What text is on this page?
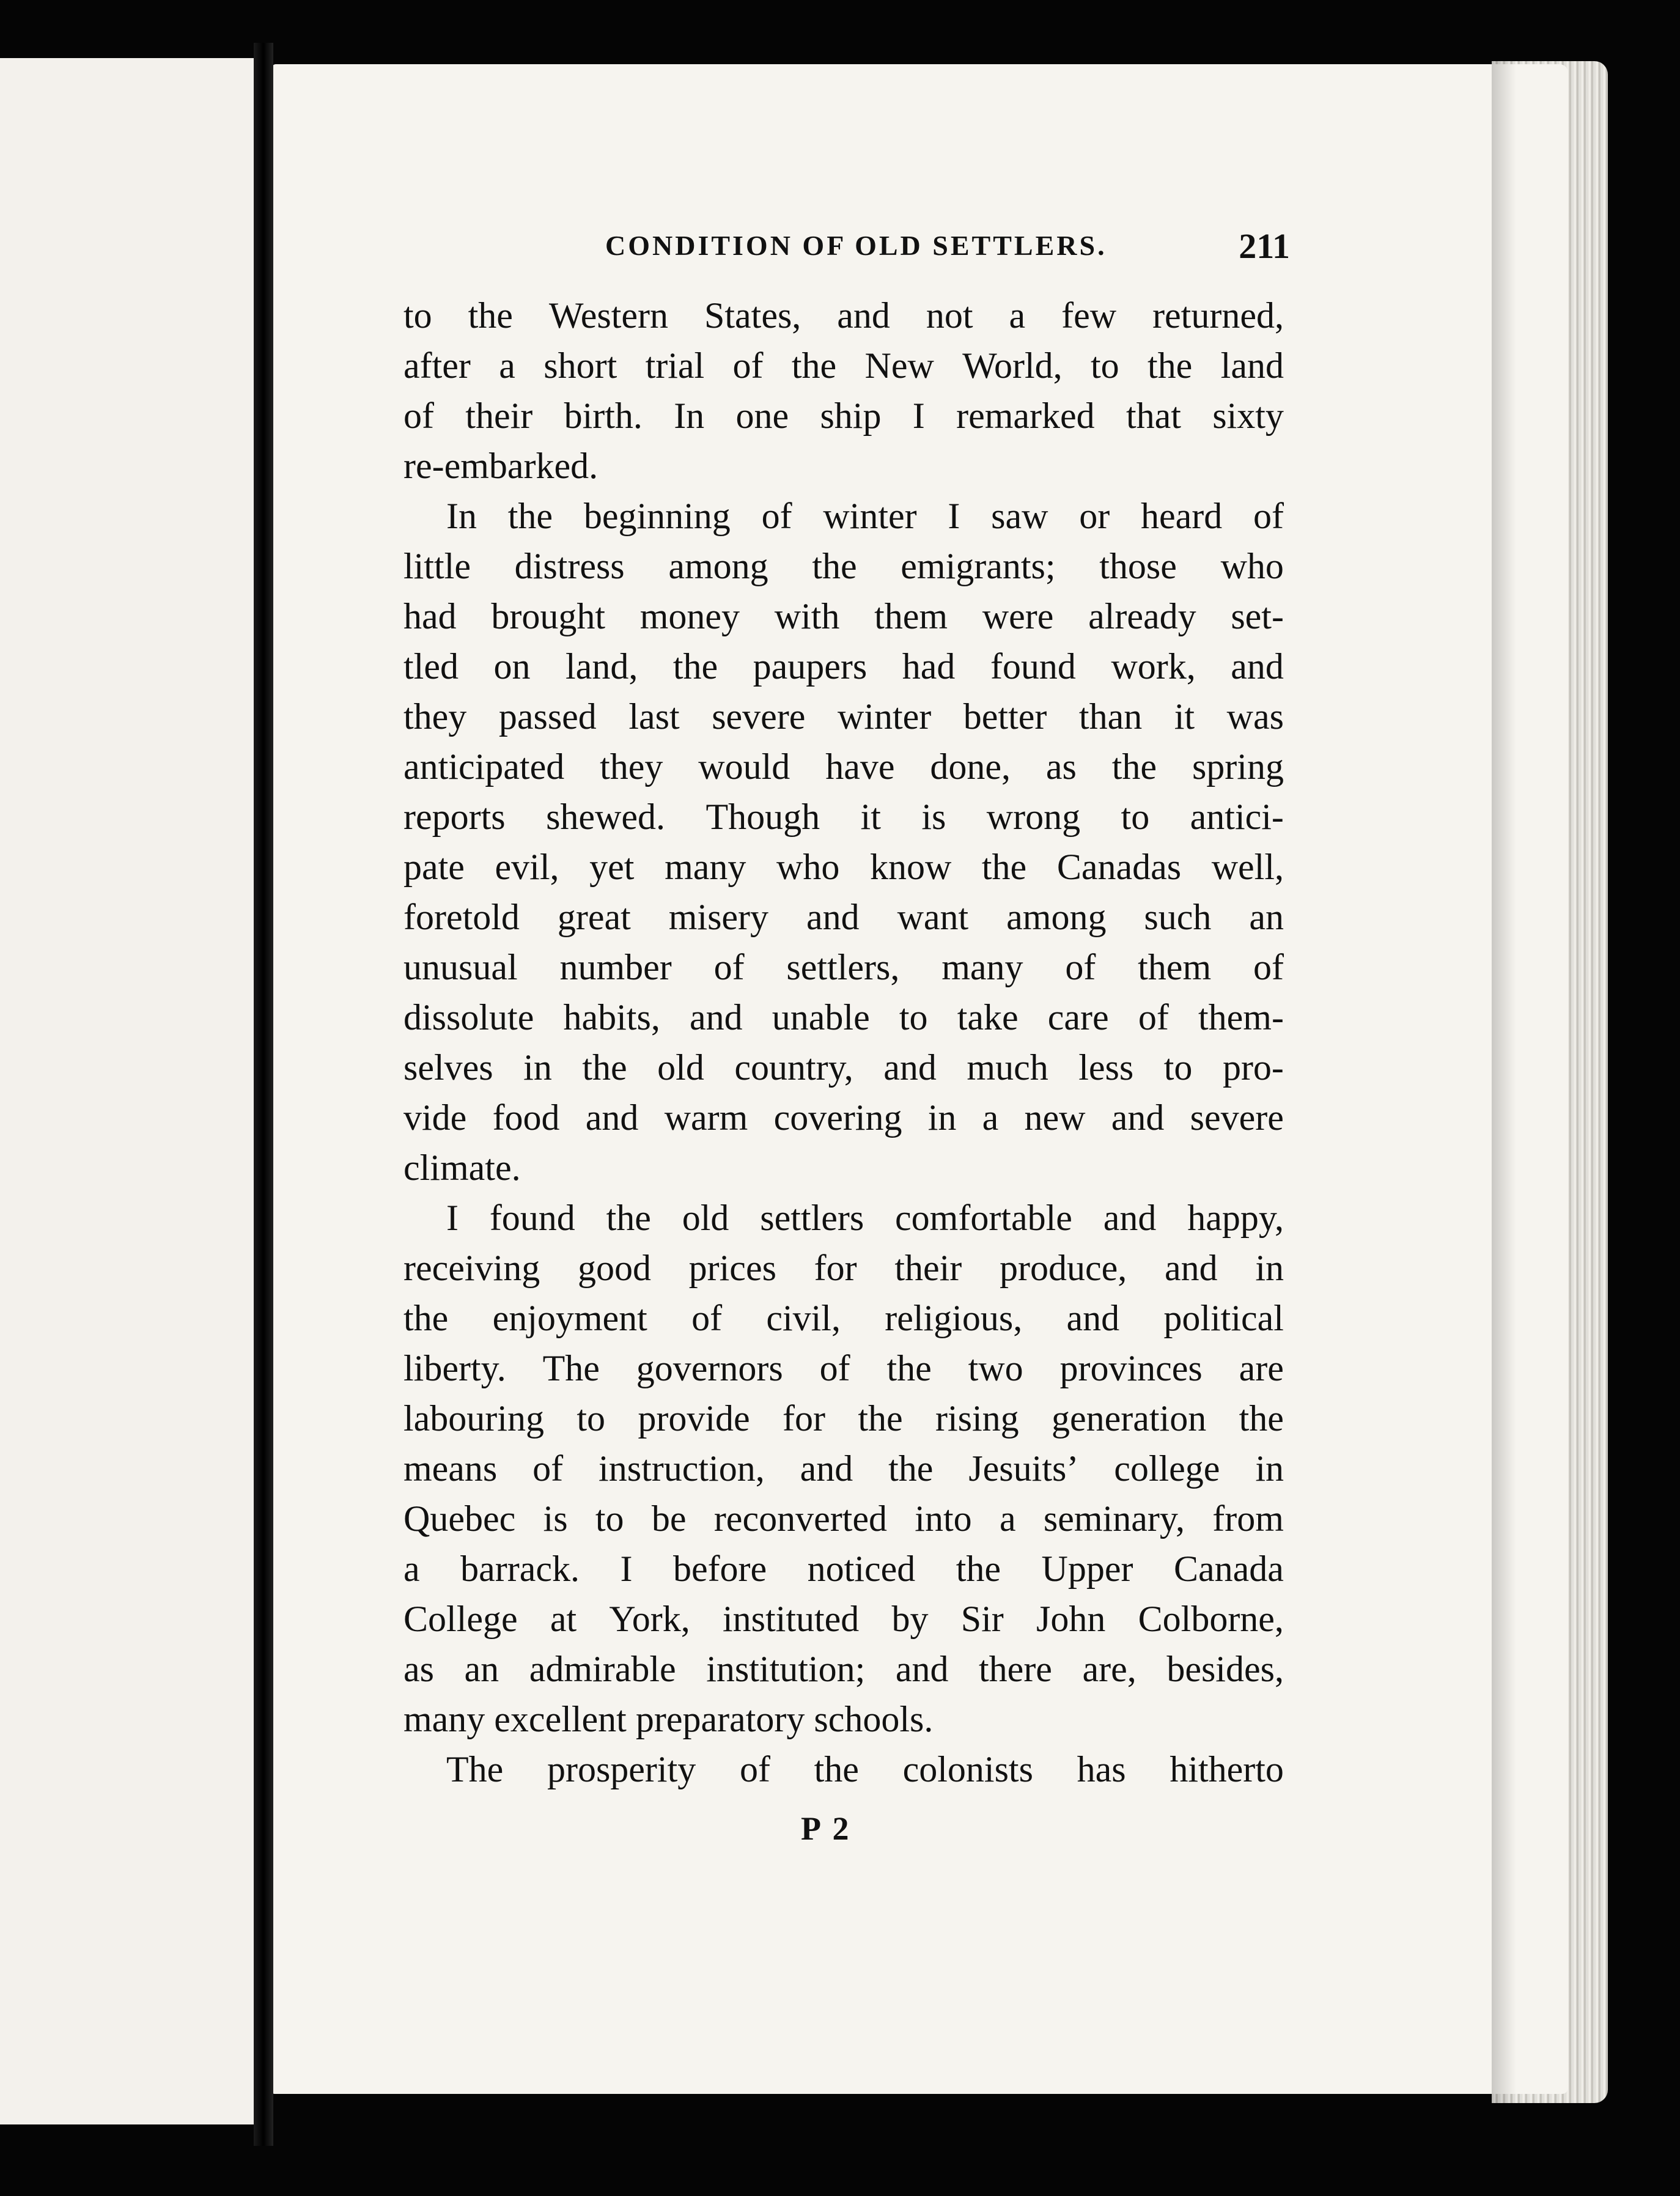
CONDITION OF OLD SETTLERS.	211
to the Western States, and not a few returned,
after a short trial of the New World, to the land
of their birth. In one ship I remarked that sixty
re-embarked.
In the beginning of winter I saw or heard of
little distress among the emigrants; those who
had brought money with them were already set-
tled on land, the paupers had found work, and
they passed last severe winter better than it was
anticipated they would have done, as the spring
reports shewed. Though it is wrong to antici-
pate evil, yet many who know the Canadas well,
foretold great misery and want among such an
unusual number of settlers, many of them of
dissolute habits, and unable to take care of them-
selves in the old country, and much less to pro-
vide food and warm covering in a new and severe
climate.
I found the old settlers comfortable and happy,
receiving good prices for their produce, and in
the enjoyment of civil, religious, and political
liberty. The governors of the two provinces are
labouring to provide for the rising generation the
means of instruction, and the Jesuits’ college in
Quebec is to be reconverted into a seminary, from
a barrack. I before noticed the Upper Canada
College at York, instituted by Sir John Colborne,
as an admirable institution; and there are, besides,
many excellent preparatory schools.
The prosperity of the colonists has hitherto
P 2
